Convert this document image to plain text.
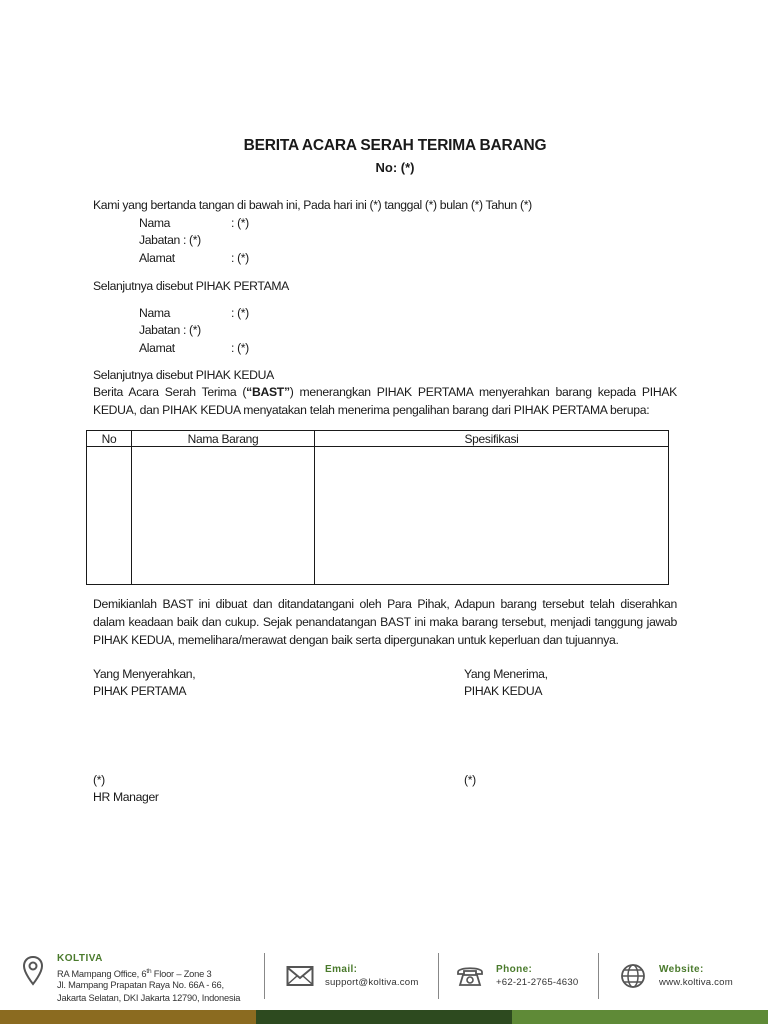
BERITA ACARA SERAH TERIMA BARANG
No: (*)
Kami yang bertanda tangan di bawah ini, Pada hari ini (*) tanggal (*) bulan (*) Tahun (*)
Nama	: (*)
Jabatan : (*)
Alamat	: (*)
Selanjutnya disebut PIHAK PERTAMA
Nama	: (*)
Jabatan : (*)
Alamat	: (*)
Selanjutnya disebut PIHAK KEDUA
Berita Acara Serah Terima (“BAST”) menerangkan PIHAK PERTAMA menyerahkan barang kepada PIHAK KEDUA, dan PIHAK KEDUA menyatakan telah menerima pengalihan barang dari PIHAK PERTAMA berupa:
No	Nama Barang	Spesifikasi

Demikianlah BAST ini dibuat dan ditandatangani oleh Para Pihak, Adapun barang tersebut telah diserahkan dalam keadaan baik dan cukup. Sejak penandatangan BAST ini maka barang tersebut, menjadi tanggung jawab PIHAK KEDUA, memelihara/merawat dengan baik serta dipergunakan untuk keperluan dan tujuannya.
Yang Menyerahkan,
PIHAK PERTAMA
Yang Menerima,
PIHAK KEDUA
(*)
HR Manager
(*)
KOLTIVA
RA Mampang Office, 6th Floor – Zone 3
Jl. Mampang Prapatan Raya No. 66A - 66,
Jakarta Selatan, DKI Jakarta 12790, Indonesia
Email:
support@koltiva.com
Phone:
+62-21-2765-4630
Website:
www.koltiva.com
